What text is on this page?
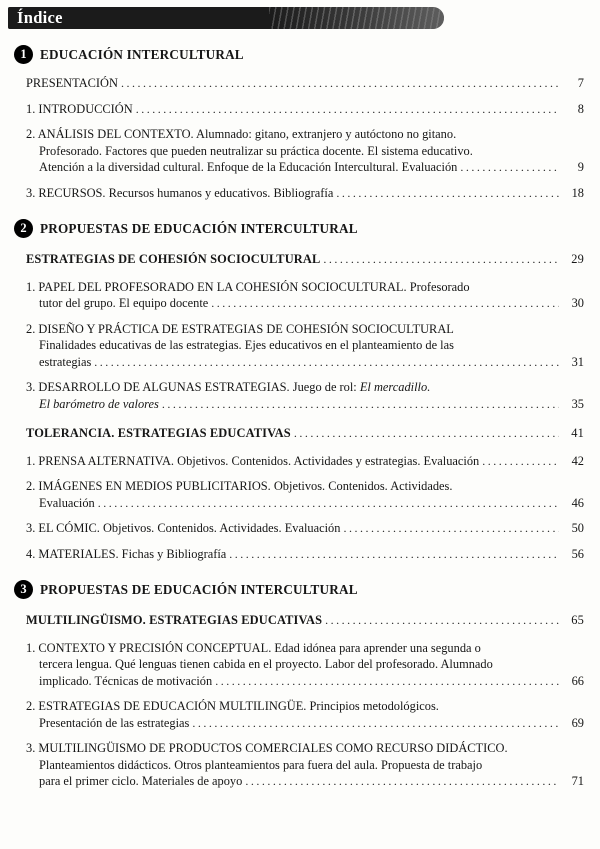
Índice
1	EDUCACIÓN INTERCULTURAL
PRESENTACIÓN .....	7
1. INTRODUCCIÓN .....	8
2. ANÁLISIS DEL CONTEXTO. Alumnado: gitano, extranjero y autóctono no gitano.
Profesorado. Factores que pueden neutralizar su práctica docente. El sistema educativo.
Atención a la diversidad cultural. Enfoque de la Educación Intercultural. Evaluación .....	9
3. RECURSOS. Recursos humanos y educativos. Bibliografía .....	18
2	PROPUESTAS DE EDUCACIÓN INTERCULTURAL
ESTRATEGIAS DE COHESIÓN SOCIOCULTURAL .....	29
1. PAPEL DEL PROFESORADO EN LA COHESIÓN SOCIOCULTURAL. Profesorado
tutor del grupo. El equipo docente .....	30
2. DISEÑO Y PRÁCTICA DE ESTRATEGIAS DE COHESIÓN SOCIOCULTURAL
Finalidades educativas de las estrategias. Ejes educativos en el planteamiento de las
estrategias .....	31
3. DESARROLLO DE ALGUNAS ESTRATEGIAS. Juego de rol: El mercadillo.
El barómetro de valores .....	35
TOLERANCIA. ESTRATEGIAS EDUCATIVAS .....	41
1. PRENSA ALTERNATIVA. Objetivos. Contenidos. Actividades y estrategias. Evaluación .....	42
2. IMÁGENES EN MEDIOS PUBLICITARIOS. Objetivos. Contenidos. Actividades.
Evaluación .....	46
3. EL CÓMIC. Objetivos. Contenidos. Actividades. Evaluación .....	50
4. MATERIALES. Fichas y Bibliografía .....	56
3	PROPUESTAS DE EDUCACIÓN INTERCULTURAL
MULTILINGÜISMO. ESTRATEGIAS EDUCATIVAS .....	65
1. CONTEXTO Y PRECISIÓN CONCEPTUAL. Edad idónea para aprender una segunda o
tercera lengua. Qué lenguas tienen cabida en el proyecto. Labor del profesorado. Alumnado
implicado. Técnicas de motivación .....	66
2. ESTRATEGIAS DE EDUCACIÓN MULTILINGÜE. Principios metodológicos.
Presentación de las estrategias .....	69
3. MULTILINGÜISMO DE PRODUCTOS COMERCIALES COMO RECURSO DIDÁCTICO.
Planteamientos didácticos. Otros planteamientos para fuera del aula. Propuesta de trabajo
para el primer ciclo. Materiales de apoyo .....	71
